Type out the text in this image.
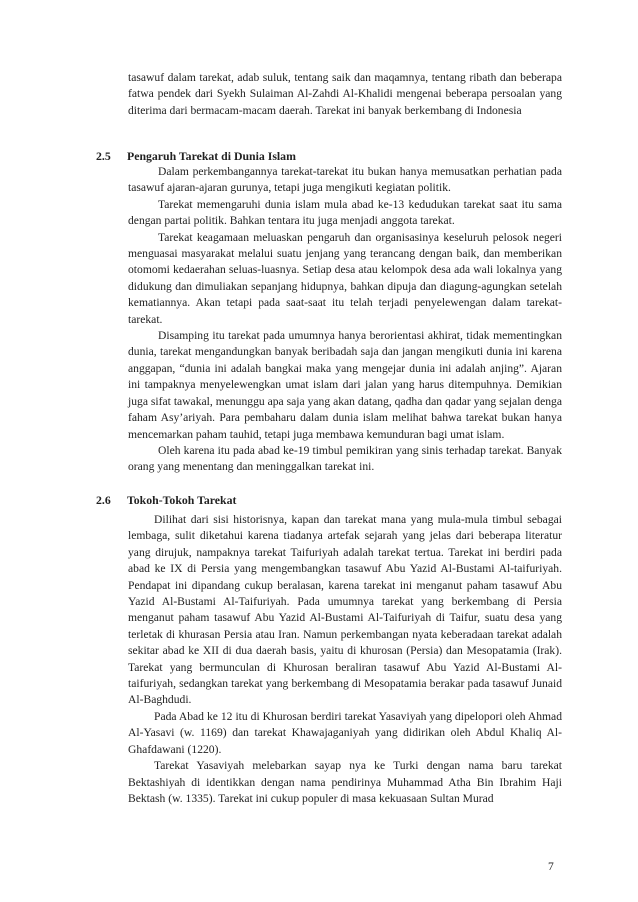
tasawuf dalam tarekat, adab suluk, tentang saik dan maqamnya, tentang ribath dan beberapa fatwa pendek dari Syekh Sulaiman Al-Zahdi Al-Khalidi mengenai beberapa persoalan yang diterima dari bermacam-macam daerah. Tarekat ini banyak berkembang di Indonesia

2.5 Pengaruh Tarekat di Dunia Islam

Dalam perkembangannya tarekat-tarekat itu bukan hanya memusatkan perhatian pada tasawuf ajaran-ajaran gurunya, tetapi juga mengikuti kegiatan politik.

Tarekat memengaruhi dunia islam mula abad ke-13 kedudukan tarekat saat itu sama dengan partai politik. Bahkan tentara itu juga menjadi anggota tarekat.

Tarekat keagamaan meluaskan pengaruh dan organisasinya keseluruh pelosok negeri menguasai masyarakat melalui suatu jenjang yang terancang dengan baik, dan memberikan otomomi kedaerahan seluas-luasnya. Setiap desa atau kelompok desa ada wali lokalnya yang didukung dan dimuliakan sepanjang hidupnya, bahkan dipuja dan diagung-agungkan setelah kematiannya. Akan tetapi pada saat-saat itu telah terjadi penyelewengan dalam tarekat-tarekat.

Disamping itu tarekat pada umumnya hanya berorientasi akhirat, tidak mementingkan dunia, tarekat mengandungkan banyak beribadah saja dan jangan mengikuti dunia ini karena anggapan, “dunia ini adalah bangkai maka yang mengejar dunia ini adalah anjing”. Ajaran ini tampaknya menyelewengkan umat islam dari jalan yang harus ditempuhnya. Demikian juga sifat tawakal, menunggu apa saja yang akan datang, qadha dan qadar yang sejalan denga faham Asy’ariyah. Para pembaharu dalam dunia islam melihat bahwa tarekat bukan hanya mencemarkan paham tauhid, tetapi juga membawa kemunduran bagi umat islam.

Oleh karena itu pada abad ke-19 timbul pemikiran yang sinis terhadap tarekat. Banyak orang yang menentang dan meninggalkan tarekat ini.

2.6 Tokoh-Tokoh Tarekat

Dilihat dari sisi historisnya, kapan dan tarekat mana yang mula-mula timbul sebagai lembaga, sulit diketahui karena tiadanya artefak sejarah yang jelas dari beberapa literatur yang dirujuk, nampaknya tarekat Taifuriyah adalah tarekat tertua. Tarekat ini berdiri pada abad ke IX di Persia yang mengembangkan tasawuf Abu Yazid Al-Bustami Al-taifuriyah. Pendapat ini dipandang cukup beralasan, karena tarekat ini menganut paham tasawuf Abu Yazid Al-Bustami Al-Taifuriyah. Pada umumnya tarekat yang berkembang di Persia menganut paham tasawuf Abu Yazid Al-Bustami Al-Taifuriyah di Taifur, suatu desa yang terletak di khurasan Persia atau Iran. Namun perkembangan nyata keberadaan tarekat adalah sekitar abad ke XII di dua daerah basis, yaitu di khurosan (Persia) dan Mesopatamia (Irak). Tarekat yang bermunculan di Khurosan beraliran tasawuf Abu Yazid Al-Bustami Al-taifuriyah, sedangkan tarekat yang berkembang di Mesopatamia berakar pada tasawuf Junaid Al-Baghdudi.

Pada Abad ke 12 itu di Khurosan berdiri tarekat Yasaviyah yang dipelopori oleh Ahmad Al-Yasavi (w. 1169) dan tarekat Khawajaganiyah yang didirikan oleh Abdul Khaliq Al-Ghafdawani (1220).

Tarekat Yasaviyah melebarkan sayap nya ke Turki dengan nama baru tarekat Bektashiyah di identikkan dengan nama pendirinya Muhammad Atha Bin Ibrahim Haji Bektash (w. 1335). Tarekat ini cukup populer di masa kekuasaan Sultan Murad

7
